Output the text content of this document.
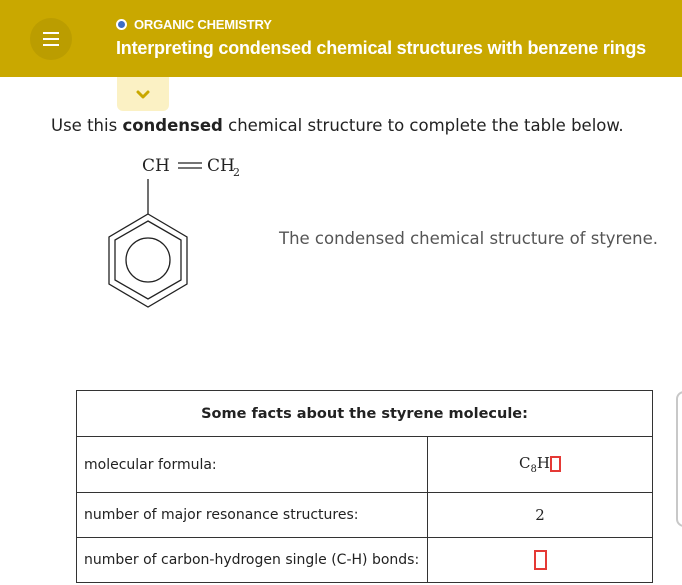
ORGANIC CHEMISTRY
Interpreting condensed chemical structures with benzene rings
Use this condensed chemical structure to complete the table below.
CH CH
2
The condensed chemical structure of styrene.
Some facts about the styrene molecule:	
molecular formula:	$C_8H$
number of major resonance structures:	2
number of carbon-hydrogen single (C-H) bonds:	
